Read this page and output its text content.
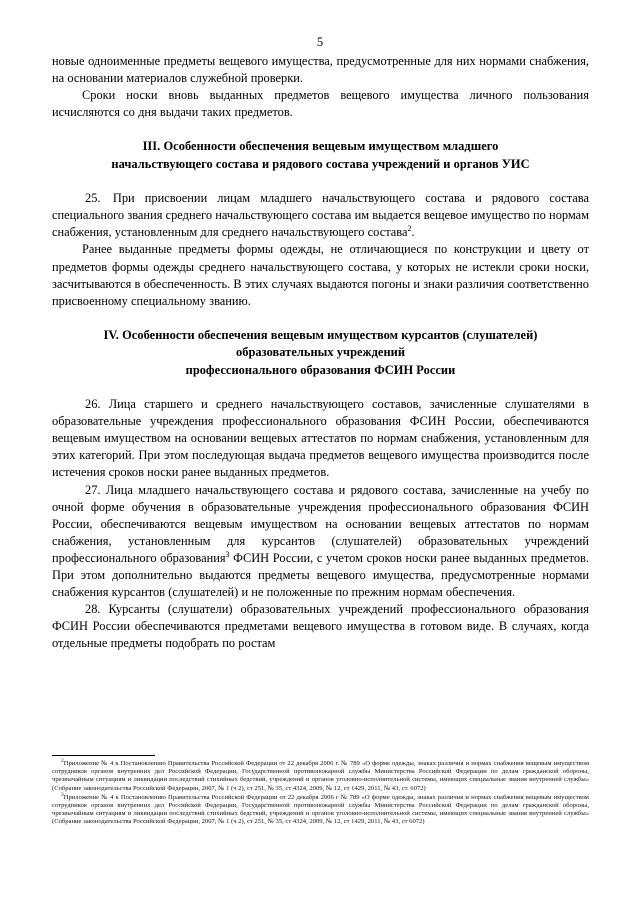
5

новые одноименные предметы вещевого имущества, предусмотренные для них нормами снабжения, на основании материалов служебной проверки.

Сроки носки вновь выданных предметов вещевого имущества личного пользования исчисляются со дня выдачи таких предметов.

III. Особенности обеспечения вещевым имуществом младшего
начальствующего состава и рядового состава учреждений и органов УИС

25. При присвоении лицам младшего начальствующего состава и рядового состава специального звания среднего начальствующего состава им выдается вещевое имущество по нормам снабжения, установленным для среднего начальствующего состава$^2$.

Ранее выданные предметы формы одежды, не отличающиеся по конструкции и цвету от предметов формы одежды среднего начальствующего состава, у которых не истекли сроки носки, засчитываются в обеспеченность. В этих случаях выдаются погоны и знаки различия соответственно присвоенному специальному званию.

IV. Особенности обеспечения вещевым имуществом курсантов (слушателей)
образовательных учреждений
профессионального образования ФСИН России

26. Лица старшего и среднего начальствующего составов, зачисленные слушателями в образовательные учреждения профессионального образования ФСИН России, обеспечиваются вещевым имуществом на основании вещевых аттестатов по нормам снабжения, установленным для этих категорий. При этом последующая выдача предметов вещевого имущества производится после истечения сроков носки ранее выданных предметов.

27. Лица младшего начальствующего состава и рядового состава, зачисленные на учебу по очной форме обучения в образовательные учреждения профессионального образования ФСИН России, обеспечиваются вещевым имуществом на основании вещевых аттестатов по нормам снабжения, установленным для курсантов (слушателей) образовательных учреждений профессионального образования$^3$ ФСИН России, с учетом сроков носки ранее выданных предметов. При этом дополнительно выдаются предметы вещевого имущества, предусмотренные нормами снабжения курсантов (слушателей) и не положенные по прежним нормам обеспечения.

28. Курсанты (слушатели) образовательных учреждений профессионального образования ФСИН России обеспечиваются предметами вещевого имущества в готовом виде. В случаях, когда отдельные предметы подобрать по ростам

$^2$Приложение № 4 к Постановлению Правительства Российской Федерации от 22 декабря 2006 г. № 789 «О форме одежды, знаках различия и нормах снабжения вещевым имуществом сотрудников органов внутренних дел Российской Федерации, Государственной противопожарной службы Министерства Российской Федерации по делам гражданской обороны, чрезвычайным ситуациям и ликвидации последствий стихийных бедствий, учреждений и органов уголовно-исполнительной системы, имеющих специальные звания внутренней службы» (Собрание законодательства Российской Федерации, 2007, № 1 (ч 2), ст 251, № 35, ст 4324, 2009, № 12, ст 1429, 2011, № 43, ст. 6072)

$^3$Приложение № 4 к Постановлению Правительства Российской Федерации от 22 декабря 2006 г № 789 «О форме одежды, знаках различия и нормах снабжения вещевым имуществом сотрудников органов внутренних дел Российской Федерации, Государственной противопожарной службы Министерства Российской Федерации по делам гражданской обороны, чрезвычайным ситуациям и ликвидации последствий стихийных бедствий, учреждений и органов уголовно-исполнительной системы, имеющих специальные звания внутренней службы» (Собрание законодательства Российской Федерации, 2007, № 1 (ч 2), ст 251, № 35, ст 4324, 2009, № 12, ст 1429, 2011, № 43, ст 6072)
